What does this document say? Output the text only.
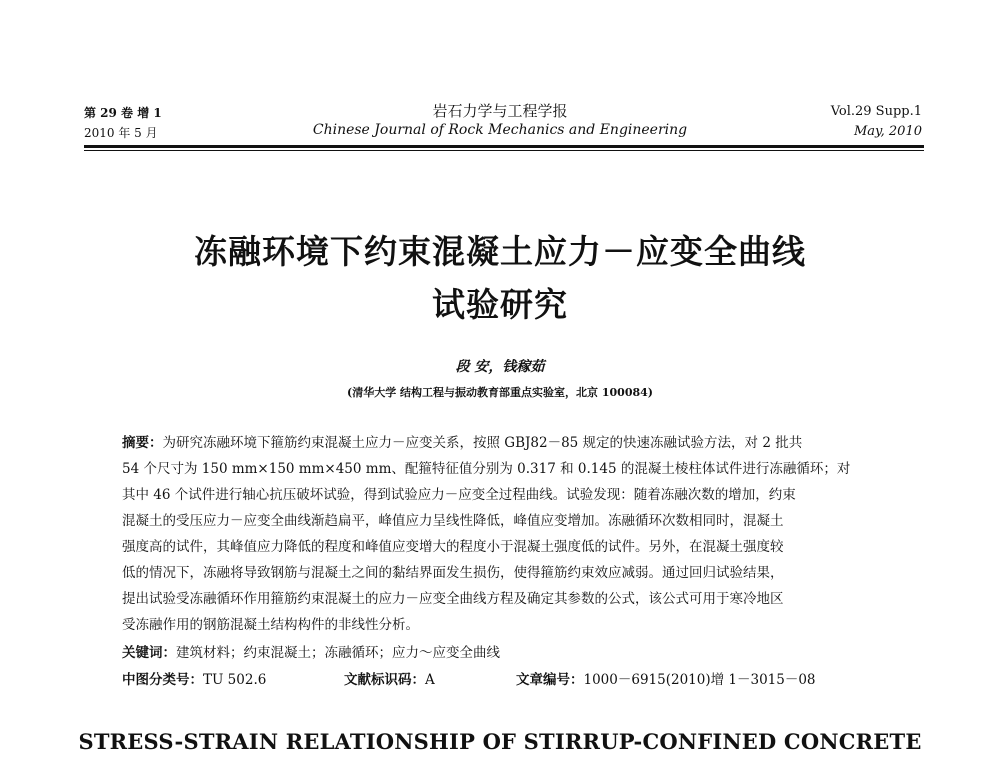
第 29 卷 增 1
2010 年 5 月
岩石力学与工程学报
Chinese Journal of Rock Mechanics and Engineering
Vol.29 Supp.1
May, 2010
冻融环境下约束混凝土应力－应变全曲线
试验研究
段 安，钱稼茹
(清华大学 结构工程与振动教育部重点实验室，北京 100084)
摘要：为研究冻融环境下箍筋约束混凝土应力－应变关系，按照 GBJ82－85 规定的快速冻融试验方法，对 2 批共
54 个尺寸为 150 mm×150 mm×450 mm、配箍特征值分别为 0.317 和 0.145 的混凝土棱柱体试件进行冻融循环；对
其中 46 个试件进行轴心抗压破坏试验，得到试验应力－应变全过程曲线。试验发现：随着冻融次数的增加，约束
混凝土的受压应力－应变全曲线渐趋扁平，峰值应力呈线性降低，峰值应变增加。冻融循环次数相同时，混凝土
强度高的试件，其峰值应力降低的程度和峰值应变增大的程度小于混凝土强度低的试件。另外，在混凝土强度较
低的情况下，冻融将导致钢筋与混凝土之间的黏结界面发生损伤，使得箍筋约束效应减弱。通过回归试验结果，
提出试验受冻融循环作用箍筋约束混凝土的应力－应变全曲线方程及确定其参数的公式，该公式可用于寒冷地区
受冻融作用的钢筋混凝土结构构件的非线性分析。
关键词：建筑材料；约束混凝土；冻融循环；应力～应变全曲线
中图分类号：TU 502.6	文献标识码：A	文章编号：1000－6915(2010)增 1－3015－08
STRESS-STRAIN RELATIONSHIP OF STIRRUP-CONFINED CONCRETE
